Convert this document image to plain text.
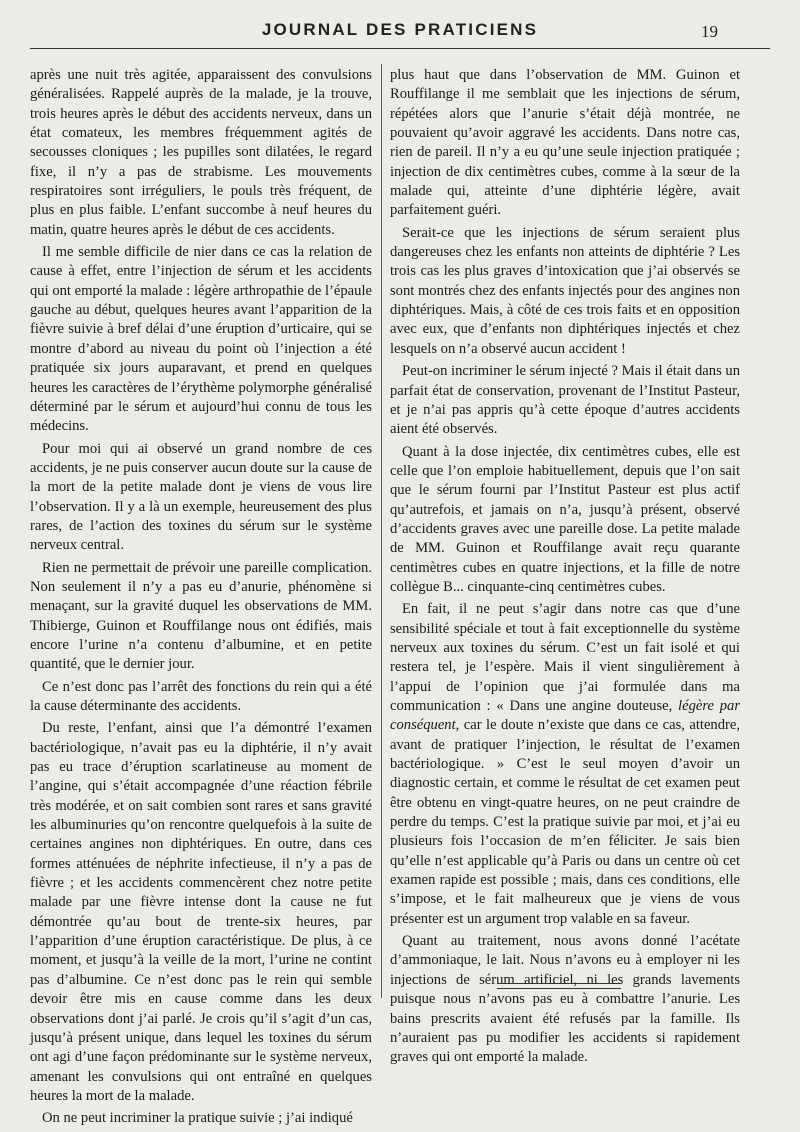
JOURNAL DES PRATICIENS	19

après une nuit très agitée, apparaissent des convulsions généralisées. Rappelé auprès de la malade, je la trouve, trois heures après le début des accidents nerveux, dans un état comateux, les membres fréquemment agités de secousses cloniques ; les pupilles sont dilatées, le regard fixe, il n’y a pas de strabisme. Les mouvements respiratoires sont irréguliers, le pouls très fréquent, de plus en plus faible. L’enfant succombe à neuf heures du matin, quatre heures après le début de ces accidents.

Il me semble difficile de nier dans ce cas la relation de cause à effet, entre l’injection de sérum et les accidents qui ont emporté la malade : légère arthropathie de l’épaule gauche au début, quelques heures avant l’apparition de la fièvre suivie à bref délai d’une éruption d’urticaire, qui se montre d’abord au niveau du point où l’injection a été pratiquée six jours auparavant, et prend en quelques heures les caractères de l’érythème polymorphe généralisé déterminé par le sérum et aujourd’hui connu de tous les médecins.

Pour moi qui ai observé un grand nombre de ces accidents, je ne puis conserver aucun doute sur la cause de la mort de la petite malade dont je viens de vous lire l’observation. Il y a là un exemple, heureusement des plus rares, de l’action des toxines du sérum sur le système nerveux central.

Rien ne permettait de prévoir une pareille complication. Non seulement il n’y a pas eu d’anurie, phénomène si menaçant, sur la gravité duquel les observations de MM. Thibierge, Guinon et Rouffilange nous ont édifiés, mais encore l’urine n’a contenu d’albumine, et en petite quantité, que le dernier jour.

Ce n’est donc pas l’arrêt des fonctions du rein qui a été la cause déterminante des accidents.

Du reste, l’enfant, ainsi que l’a démontré l’examen bactériologique, n’avait pas eu la diphtérie, il n’y avait pas eu trace d’éruption scarlatineuse au moment de l’angine, qui s’était accompagnée d’une réaction fébrile très modérée, et on sait combien sont rares et sans gravité les albuminuries qu’on rencontre quelquefois à la suite de certaines angines non diphtériques. En outre, dans ces formes atténuées de néphrite infectieuse, il n’y a pas de fièvre ; et les accidents commencèrent chez notre petite malade par une fièvre intense dont la cause ne fut démontrée qu’au bout de trente-six heures, par l’apparition d’une éruption caractéristique. De plus, à ce moment, et jusqu’à la veille de la mort, l’urine ne contint pas d’albumine. Ce n’est donc pas le rein qui semble devoir être mis en cause comme dans les deux observations dont j’ai parlé. Je crois qu’il s’agit d’un cas, jusqu’à présent unique, dans lequel les toxines du sérum ont agi d’une façon prédominante sur le système nerveux, amenant les convulsions qui ont entraîné en quelques heures la mort de la malade.

On ne peut incriminer la pratique suivie ; j’ai indiqué

plus haut que dans l’observation de MM. Guinon et Rouffilange il me semblait que les injections de sérum, répétées alors que l’anurie s’était déjà montrée, ne pouvaient qu’avoir aggravé les accidents. Dans notre cas, rien de pareil. Il n’y a eu qu’une seule injection pratiquée ; injection de dix centimètres cubes, comme à la sœur de la malade qui, atteinte d’une diphtérie légère, avait parfaitement guéri.

Serait-ce que les injections de sérum seraient plus dangereuses chez les enfants non atteints de diphtérie ? Les trois cas les plus graves d’intoxication que j’ai observés se sont montrés chez des enfants injectés pour des angines non diphtériques. Mais, à côté de ces trois faits et en opposition avec eux, que d’enfants non diphtériques injectés et chez lesquels on n’a observé aucun accident !

Peut-on incriminer le sérum injecté ? Mais il était dans un parfait état de conservation, provenant de l’Institut Pasteur, et je n’ai pas appris qu’à cette époque d’autres accidents aient été observés.

Quant à la dose injectée, dix centimètres cubes, elle est celle que l’on emploie habituellement, depuis que l’on sait que le sérum fourni par l’Institut Pasteur est plus actif qu’autrefois, et jamais on n’a, jusqu’à présent, observé d’accidents graves avec une pareille dose. La petite malade de MM. Guinon et Rouffilange avait reçu quarante centimètres cubes en quatre injections, et la fille de notre collègue B... cinquante-cinq centimètres cubes.

En fait, il ne peut s’agir dans notre cas que d’une sensibilité spéciale et tout à fait exceptionnelle du système nerveux aux toxines du sérum. C’est un fait isolé et qui restera tel, je l’espère. Mais il vient singulièrement à l’appui de l’opinion que j’ai formulée dans ma communication : « Dans une angine douteuse, légère par conséquent, car le doute n’existe que dans ce cas, attendre, avant de pratiquer l’injection, le résultat de l’examen bactériologique. » C’est le seul moyen d’avoir un diagnostic certain, et comme le résultat de cet examen peut être obtenu en vingt-quatre heures, on ne peut craindre de perdre du temps. C’est la pratique suivie par moi, et j’ai eu plusieurs fois l’occasion de m’en féliciter. Je sais bien qu’elle n’est applicable qu’à Paris ou dans un centre où cet examen rapide est possible ; mais, dans ces conditions, elle s’impose, et le fait malheureux que je viens de vous présenter est un argument trop valable en sa faveur.

Quant au traitement, nous avons donné l’acétate d’ammoniaque, le lait. Nous n’avons eu à employer ni les injections de sérum artificiel, ni les grands lavements puisque nous n’avons pas eu à combattre l’anurie. Les bains prescrits avaient été refusés par la famille. Ils n’auraient pas pu modifier les accidents si rapidement graves qui ont emporté la malade.
